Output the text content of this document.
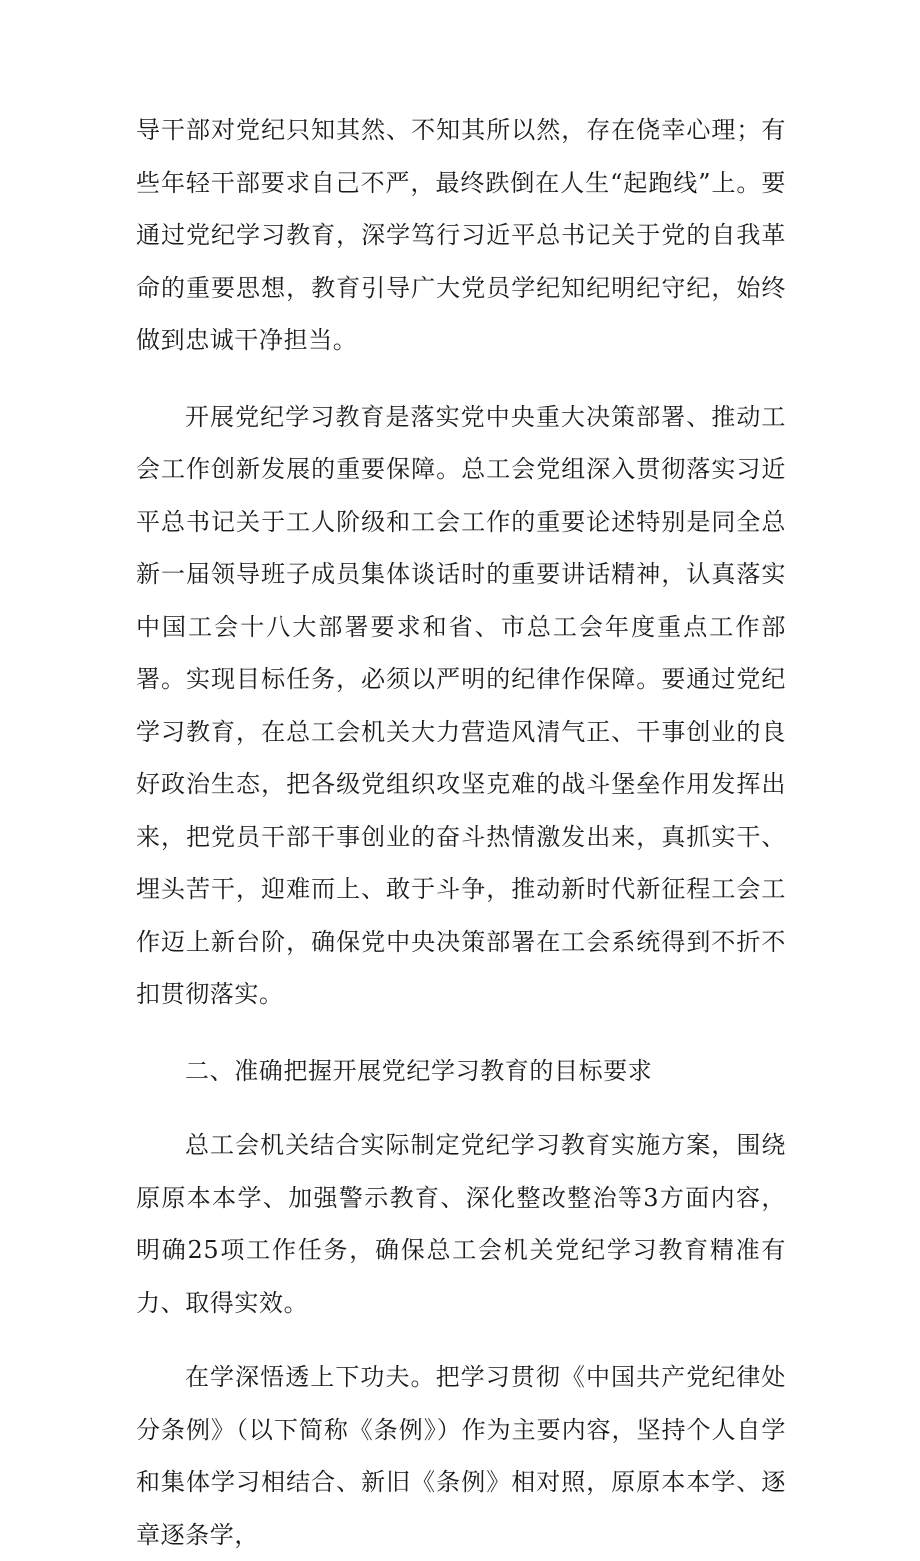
导干部对党纪只知其然、不知其所以然，存在侥幸心理；有些年轻干部要求自己不严，最终跌倒在人生“起跑线”上。要通过党纪学习教育，深学笃行习近平总书记关于党的自我革命的重要思想，教育引导广大党员学纪知纪明纪守纪，始终做到忠诚干净担当。

开展党纪学习教育是落实党中央重大决策部署、推动工会工作创新发展的重要保障。总工会党组深入贯彻落实习近平总书记关于工人阶级和工会工作的重要论述特别是同全总新一届领导班子成员集体谈话时的重要讲话精神，认真落实中国工会十八大部署要求和省、市总工会年度重点工作部署。实现目标任务，必须以严明的纪律作保障。要通过党纪学习教育，在总工会机关大力营造风清气正、干事创业的良好政治生态，把各级党组织攻坚克难的战斗堡垒作用发挥出来，把党员干部干事创业的奋斗热情激发出来，真抓实干、埋头苦干，迎难而上、敢于斗争，推动新时代新征程工会工作迈上新台阶，确保党中央决策部署在工会系统得到不折不扣贯彻落实。

二、准确把握开展党纪学习教育的目标要求

总工会机关结合实际制定党纪学习教育实施方案，围绕原原本本学、加强警示教育、深化整改整治等3方面内容，明确25项工作任务，确保总工会机关党纪学习教育精准有力、取得实效。

在学深悟透上下功夫。把学习贯彻《中国共产党纪律处分条例》（以下简称《条例》）作为主要内容，坚持个人自学和集体学习相结合、新旧《条例》相对照，原原本本学、逐章逐条学，
